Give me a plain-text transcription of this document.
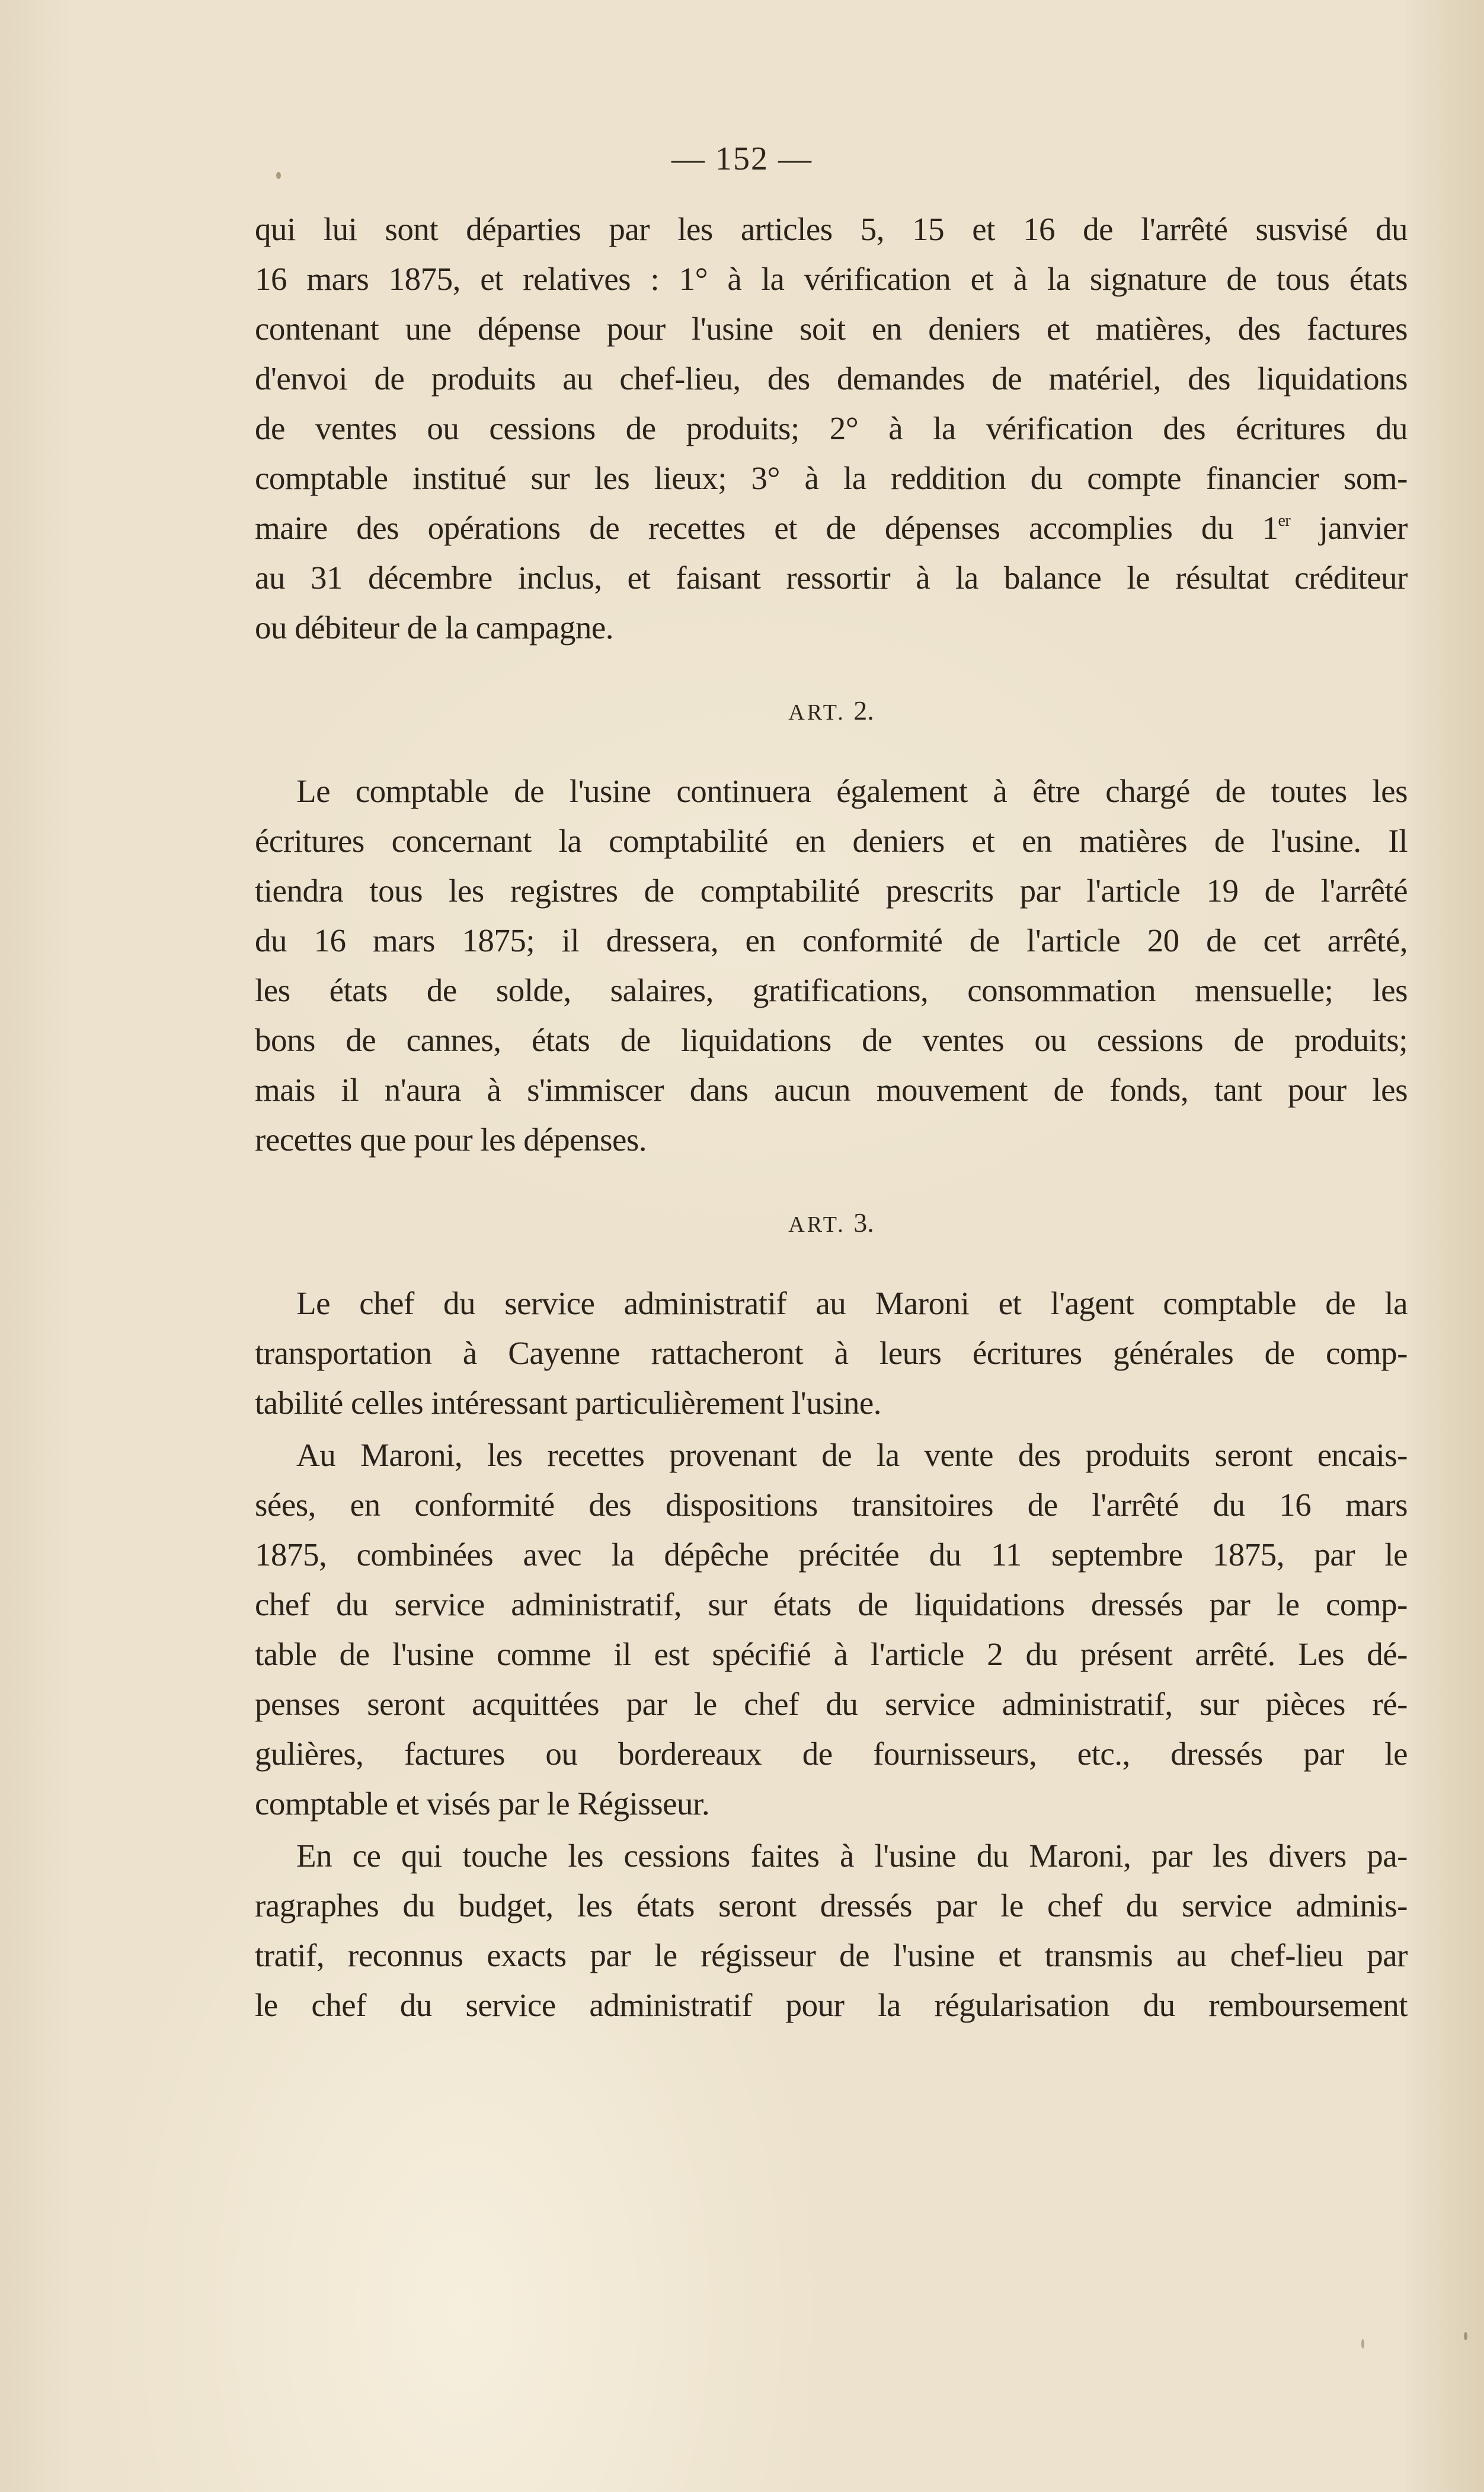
— 152 —
qui lui sont départies par les articles 5, 15 et 16 de l'arrêté susvisé du
16 mars 1875, et relatives : 1° à la vérification et à la signature de tous états
contenant une dépense pour l'usine soit en deniers et matières, des factures
d'envoi de produits au chef-lieu, des demandes de matériel, des liquidations
de ventes ou cessions de produits; 2° à la vérification des écritures du
comptable institué sur les lieux; 3° à la reddition du compte financier som-
maire des opérations de recettes et de dépenses accomplies du 1er janvier
au 31 décembre inclus, et faisant ressortir à la balance le résultat créditeur
ou débiteur de la campagne.
ART. 2.
Le comptable de l'usine continuera également à être chargé de toutes les
écritures concernant la comptabilité en deniers et en matières de l'usine. Il
tiendra tous les registres de comptabilité prescrits par l'article 19 de l'arrêté
du 16 mars 1875; il dressera, en conformité de l'article 20 de cet arrêté,
les états de solde, salaires, gratifications, consommation mensuelle; les
bons de cannes, états de liquidations de ventes ou cessions de produits;
mais il n'aura à s'immiscer dans aucun mouvement de fonds, tant pour les
recettes que pour les dépenses.
ART. 3.
Le chef du service administratif au Maroni et l'agent comptable de la
transportation à Cayenne rattacheront à leurs écritures générales de comp-
tabilité celles intéressant particulièrement l'usine.
Au Maroni, les recettes provenant de la vente des produits seront encais-
sées, en conformité des dispositions transitoires de l'arrêté du 16 mars
1875, combinées avec la dépêche précitée du 11 septembre 1875, par le
chef du service administratif, sur états de liquidations dressés par le comp-
table de l'usine comme il est spécifié à l'article 2 du présent arrêté. Les dé-
penses seront acquittées par le chef du service administratif, sur pièces ré-
gulières, factures ou bordereaux de fournisseurs, etc., dressés par le
comptable et visés par le Régisseur.
En ce qui touche les cessions faites à l'usine du Maroni, par les divers pa-
ragraphes du budget, les états seront dressés par le chef du service adminis-
tratif, reconnus exacts par le régisseur de l'usine et transmis au chef-lieu par
le chef du service administratif pour la régularisation du remboursement
